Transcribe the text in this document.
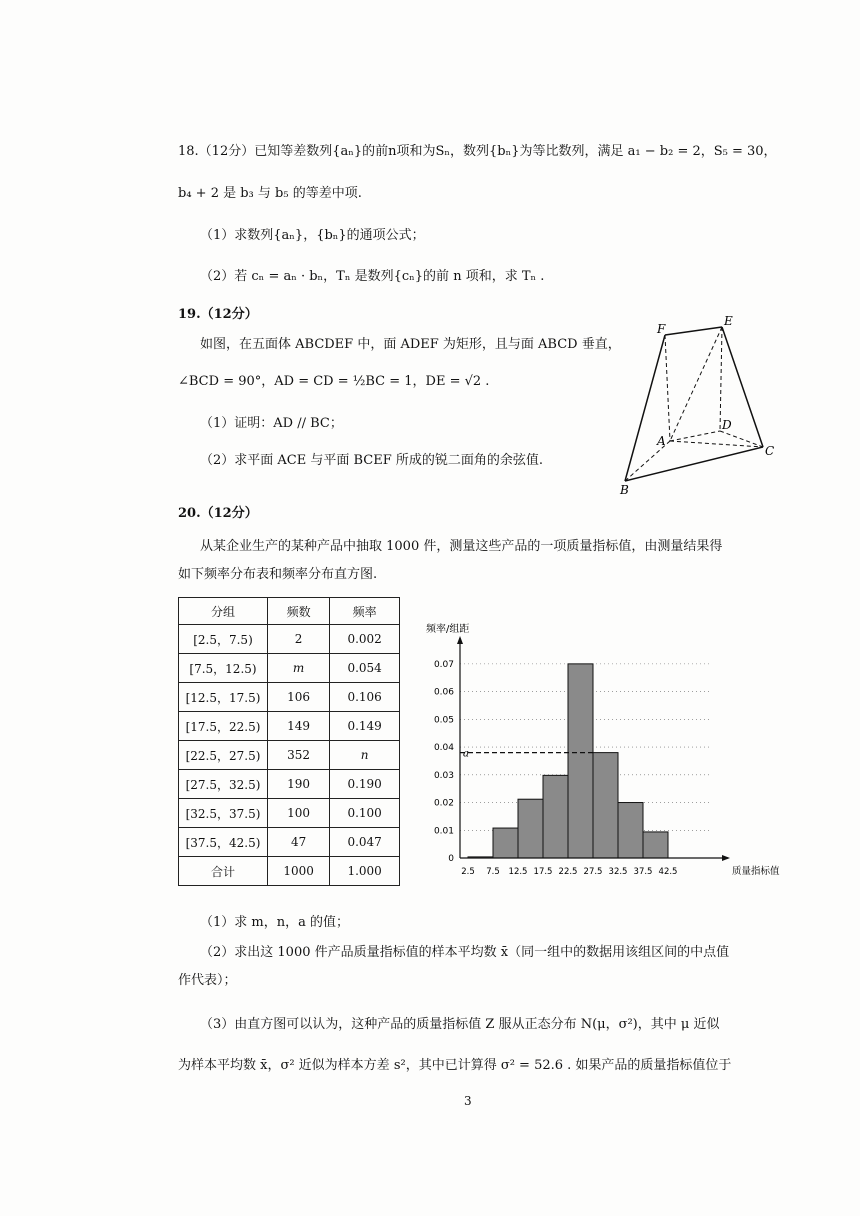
18.（12分）已知等差数列{aₙ}的前n项和为Sₙ，数列{bₙ}为等比数列，满足 a₁ − b₂ = 2，S₅ = 30，
b₄ + 2 是 b₃ 与 b₅ 的等差中项.
（1）求数列{aₙ}，{bₙ}的通项公式；
（2）若 cₙ = aₙ · bₙ，Tₙ 是数列{cₙ}的前 n 项和，求 Tₙ .
19.（12分）
如图，在五面体 ABCDEF 中，面 ADEF 为矩形，且与面 ABCD 垂直，
∠BCD = 90°，AD = CD = ½BC = 1，DE = √2 .
（1）证明：AD // BC；
（2）求平面 ACE 与平面 BCEF 所成的锐二面角的余弦值.
F
E
D
A
C
B
20.（12分）
从某企业生产的某种产品中抽取 1000 件，测量这些产品的一项质量指标值，由测量结果得
如下频率分布表和频率分布直方图.
分组	频数	频率
[2.5，7.5)	2	0.002
[7.5，12.5)	m	0.054
[12.5，17.5)	106	0.106
[17.5，22.5)	149	0.149
[22.5，27.5)	352	n
[27.5，32.5)	190	0.190
[32.5，37.5)	100	0.100
[37.5，42.5)	47	0.047
合计	1000	1.000
a
0
0.01
0.02
0.03
0.04
0.05
0.06
0.07
2.5 7.5 12.5 17.5 22.5 27.5 32.5 37.5 42.5
频率/组距
质量指标值
（1）求 m，n，a 的值；
（2）求出这 1000 件产品质量指标值的样本平均数 x̄（同一组中的数据用该组区间的中点值
作代表）；
（3）由直方图可以认为，这种产品的质量指标值 Z 服从正态分布 N(μ，σ²)，其中 μ 近似
为样本平均数 x̄，σ² 近似为样本方差 s²，其中已计算得 σ² = 52.6 . 如果产品的质量指标值位于
3
